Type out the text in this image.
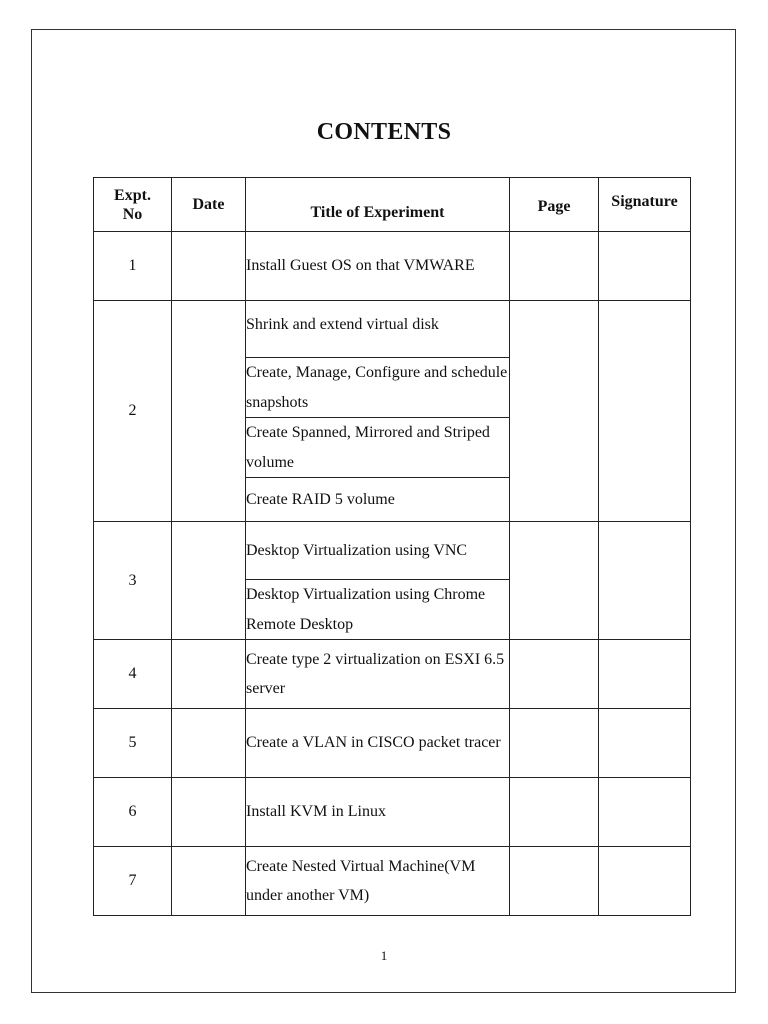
CONTENTS
Expt. No	Date	Title of Experiment	Page	Signature

1		Install Guest OS on that VMWARE		
2		Shrink and extend virtual disk		
		Create, Manage, Configure and schedule snapshots		
		Create Spanned, Mirrored and Striped volume		
		Create RAID 5 volume		
3		Desktop Virtualization using VNC		
		Desktop Virtualization using Chrome Remote Desktop		
4		Create type 2 virtualization on ESXI 6.5 server		
5		Create a VLAN in CISCO packet tracer		
6		Install KVM in Linux		
7		Create Nested Virtual Machine(VM under another VM)		
1
